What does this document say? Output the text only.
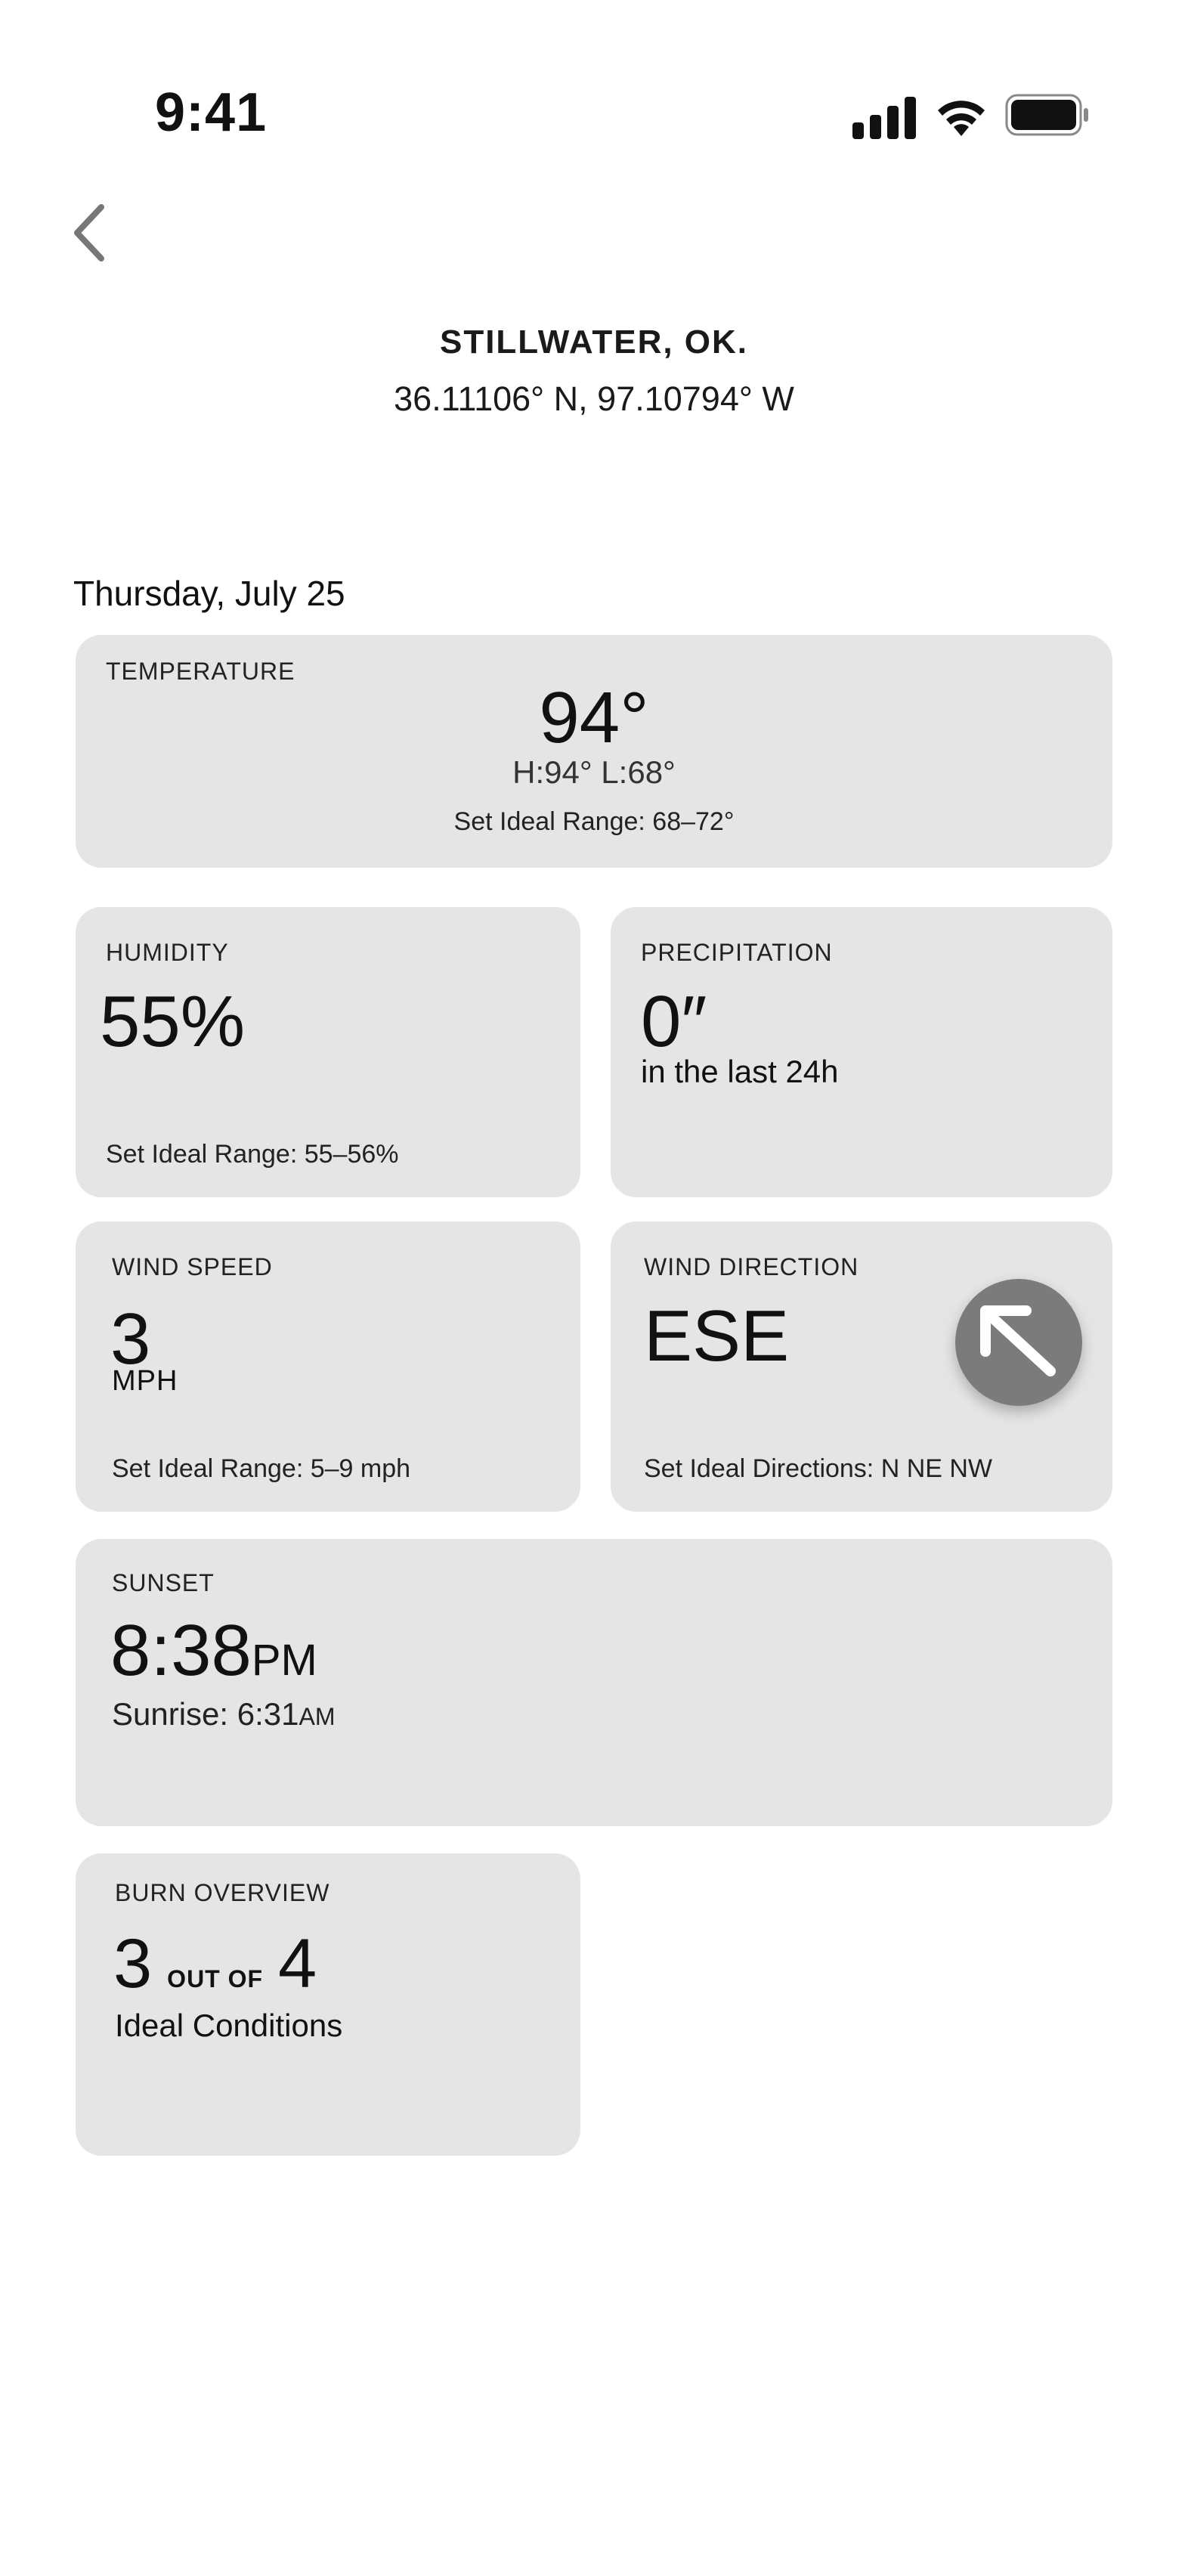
9:41
STILLWATER, OK.
36.11106° N, 97.10794° W
Thursday, July 25
TEMPERATURE
94°
H:94° L:68°
Set Ideal Range: 68–72°
HUMIDITY
55%
Set Ideal Range: 55–56%
PRECIPITATION
0″
in the last 24h
WIND SPEED
3
MPH
Set Ideal Range: 5–9 mph
WIND DIRECTION
ESE
Set Ideal Directions: N NE NW
SUNSET
8:38PM
Sunrise: 6:31AM
BURN OVERVIEW
3 OUT OF 4
Ideal Conditions
